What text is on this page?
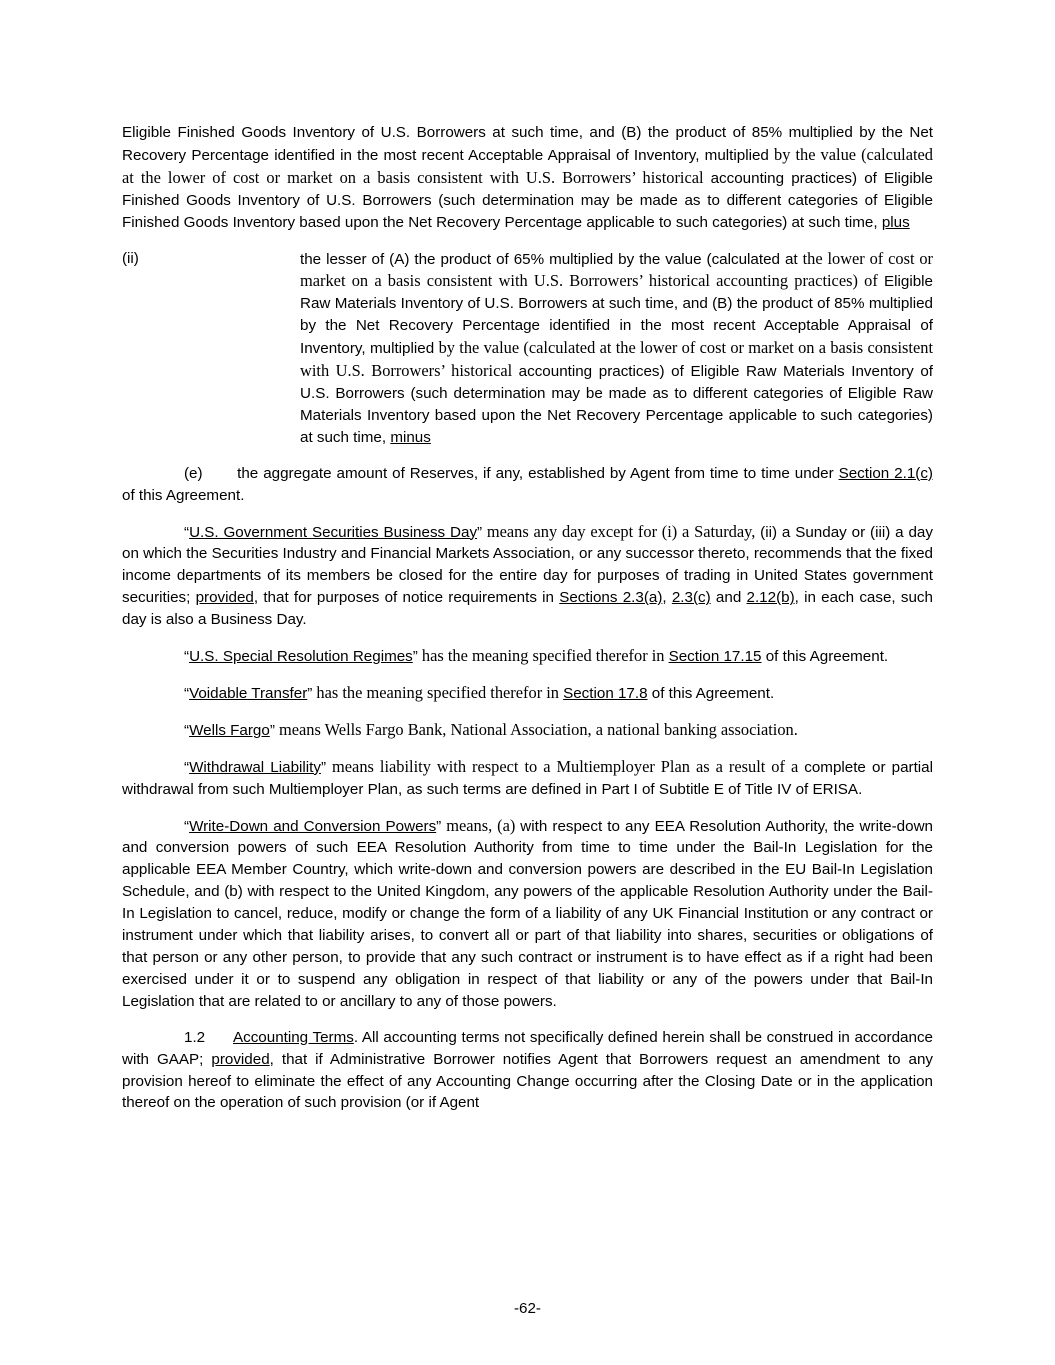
Eligible Finished Goods Inventory of U.S. Borrowers at such time, and (B) the product of 85% multiplied by the Net Recovery Percentage identified in the most recent Acceptable Appraisal of Inventory, multiplied by the value (calculated at the lower of cost or market on a basis consistent with U.S. Borrowers’ historical accounting practices) of Eligible Finished Goods Inventory of U.S. Borrowers (such determination may be made as to different categories of Eligible Finished Goods Inventory based upon the Net Recovery Percentage applicable to such categories) at such time, plus

(ii)	the lesser of (A) the product of 65% multiplied by the value (calculated at the lower of cost or market on a basis consistent with U.S. Borrowers’ historical accounting practices) of Eligible Raw Materials Inventory of U.S. Borrowers at such time, and (B) the product of 85% multiplied by the Net Recovery Percentage identified in the most recent Acceptable Appraisal of Inventory, multiplied by the value (calculated at the lower of cost or market on a basis consistent with U.S. Borrowers’ historical accounting practices) of Eligible Raw Materials Inventory of U.S. Borrowers (such determination may be made as to different categories of Eligible Raw Materials Inventory based upon the Net Recovery Percentage applicable to such categories) at such time, minus

(e) the aggregate amount of Reserves, if any, established by Agent from time to time under Section 2.1(c) of this Agreement.

“U.S. Government Securities Business Day” means any day except for (i) a Saturday, (ii) a Sunday or (iii) a day on which the Securities Industry and Financial Markets Association, or any successor thereto, recommends that the fixed income departments of its members be closed for the entire day for purposes of trading in United States government securities; provided, that for purposes of notice requirements in Sections 2.3(a), 2.3(c) and 2.12(b), in each case, such day is also a Business Day.

“U.S. Special Resolution Regimes” has the meaning specified therefor in Section 17.15 of this Agreement.

“Voidable Transfer” has the meaning specified therefor in Section 17.8 of this Agreement.

“Wells Fargo” means Wells Fargo Bank, National Association, a national banking association.

“Withdrawal Liability” means liability with respect to a Multiemployer Plan as a result of a complete or partial withdrawal from such Multiemployer Plan, as such terms are defined in Part I of Subtitle E of Title IV of ERISA.

“Write-Down and Conversion Powers” means, (a) with respect to any EEA Resolution Authority, the write-down and conversion powers of such EEA Resolution Authority from time to time under the Bail-In Legislation for the applicable EEA Member Country, which write-down and conversion powers are described in the EU Bail-In Legislation Schedule, and (b) with respect to the United Kingdom, any powers of the applicable Resolution Authority under the Bail-In Legislation to cancel, reduce, modify or change the form of a liability of any UK Financial Institution or any contract or instrument under which that liability arises, to convert all or part of that liability into shares, securities or obligations of that person or any other person, to provide that any such contract or instrument is to have effect as if a right had been exercised under it or to suspend any obligation in respect of that liability or any of the powers under that Bail-In Legislation that are related to or ancillary to any of those powers.

1.2 Accounting Terms. All accounting terms not specifically defined herein shall be construed in accordance with GAAP; provided, that if Administrative Borrower notifies Agent that Borrowers request an amendment to any provision hereof to eliminate the effect of any Accounting Change occurring after the Closing Date or in the application thereof on the operation of such provision (or if Agent

-62-
